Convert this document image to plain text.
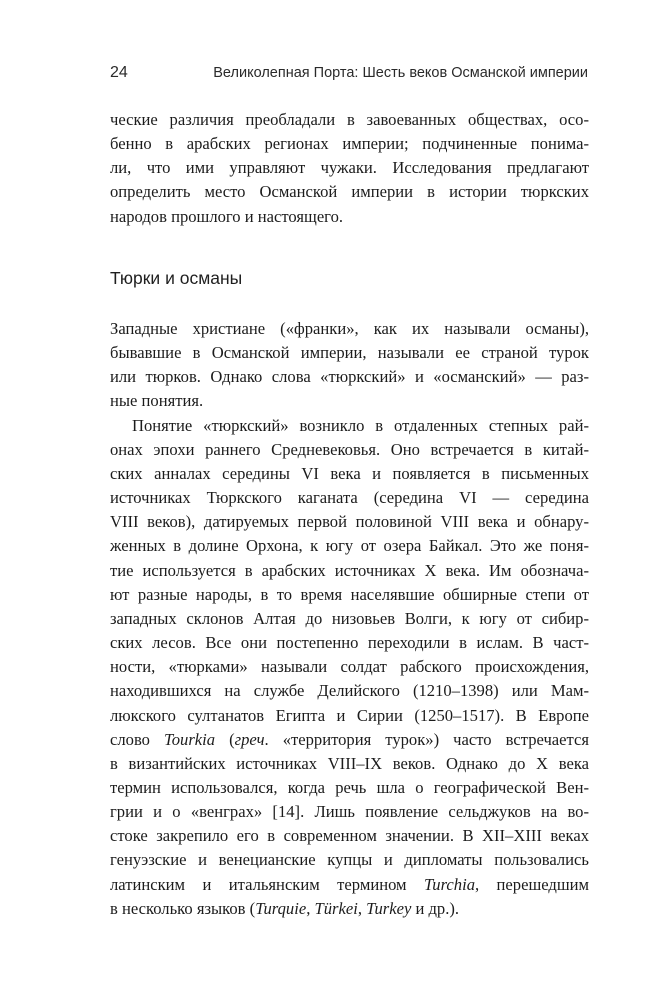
24	Великолепная Порта: Шесть веков Османской империи
ческие различия преобладали в завоеванных обществах, осо-
бенно в арабских регионах империи; подчиненные понима-
ли, что ими управляют чужаки. Исследования предлагают
определить место Османской империи в истории тюркских
народов прошлого и настоящего.
Тюрки и османы
Западные христиане («франки», как их называли османы),
бывавшие в Османской империи, называли ее страной турок
или тюрков. Однако слова «тюркский» и «османский» — раз-
ные понятия.
Понятие «тюркский» возникло в отдаленных степных рай-
онах эпохи раннего Средневековья. Оно встречается в китай-
ских анналах середины VI века и появляется в письменных
источниках Тюркского каганата (середина VI — середина
VIII веков), датируемых первой половиной VIII века и обнару-
женных в долине Орхона, к югу от озера Байкал. Это же поня-
тие используется в арабских источниках X века. Им обознача-
ют разные народы, в то время населявшие обширные степи от
западных склонов Алтая до низовьев Волги, к югу от сибир-
ских лесов. Все они постепенно переходили в ислам. В част-
ности, «тюрками» называли солдат рабского происхождения,
находившихся на службе Делийского (1210–1398) или Мам-
люкского султанатов Египта и Сирии (1250–1517). В Европе
слово Tourkia (греч. «территория турок») часто встречается
в византийских источниках VIII–IX веков. Однако до X века
термин использовался, когда речь шла о географической Вен-
грии и о «венграх» [14]. Лишь появление сельджуков на во-
стоке закрепило его в современном значении. В XII–XIII веках
генуэзские и венецианские купцы и дипломаты пользовались
латинским и итальянским термином Turchia, перешедшим
в несколько языков (Turquie, Türkei, Turkey и др.).
